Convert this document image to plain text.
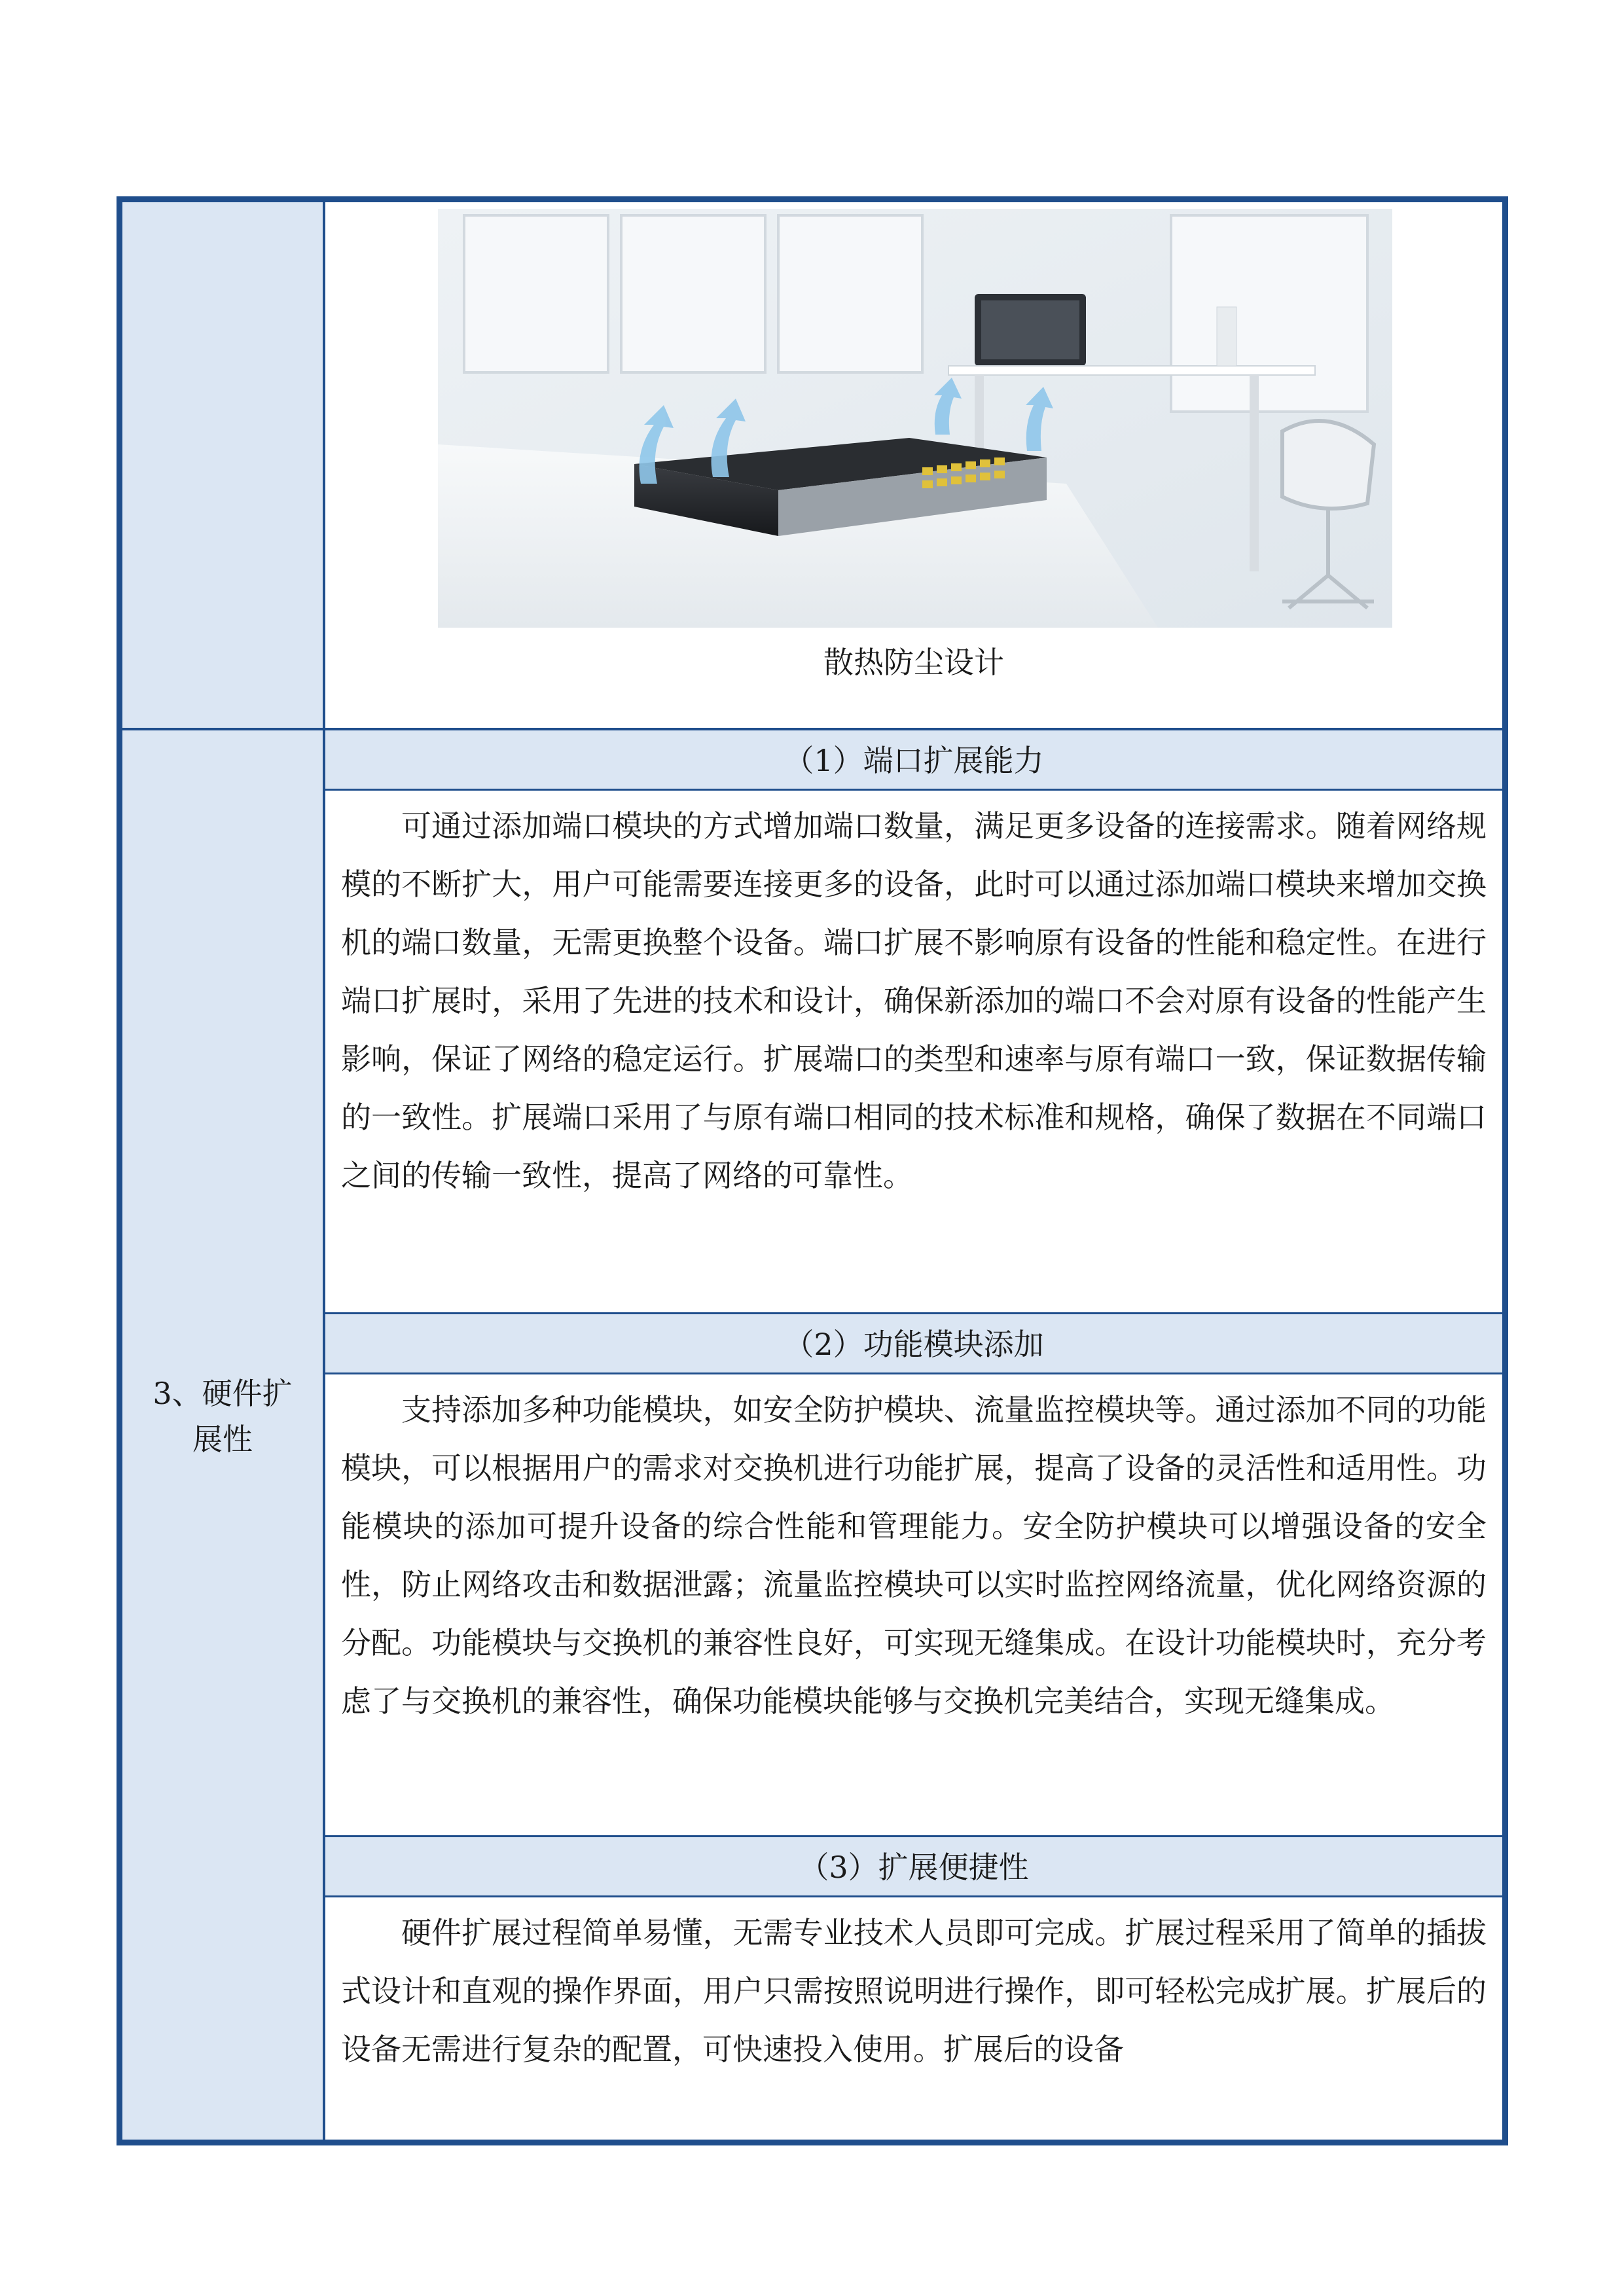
散热防尘设计
3、硬件扩展性
（1）端口扩展能力
可通过添加端口模块的方式增加端口数量，满足更多设备的连接需求。随着网络规模的不断扩大，用户可能需要连接更多的设备，此时可以通过添加端口模块来增加交换机的端口数量，无需更换整个设备。端口扩展不影响原有设备的性能和稳定性。在进行端口扩展时，采用了先进的技术和设计，确保新添加的端口不会对原有设备的性能产生影响，保证了网络的稳定运行。扩展端口的类型和速率与原有端口一致，保证数据传输的一致性。扩展端口采用了与原有端口相同的技术标准和规格，确保了数据在不同端口之间的传输一致性，提高了网络的可靠性。
（2）功能模块添加
支持添加多种功能模块，如安全防护模块、流量监控模块等。通过添加不同的功能模块，可以根据用户的需求对交换机进行功能扩展，提高了设备的灵活性和适用性。功能模块的添加可提升设备的综合性能和管理能力。安全防护模块可以增强设备的安全性，防止网络攻击和数据泄露；流量监控模块可以实时监控网络流量，优化网络资源的分配。功能模块与交换机的兼容性良好，可实现无缝集成。在设计功能模块时，充分考虑了与交换机的兼容性，确保功能模块能够与交换机完美结合，实现无缝集成。
（3）扩展便捷性
硬件扩展过程简单易懂，无需专业技术人员即可完成。扩展过程采用了简单的插拔式设计和直观的操作界面，用户只需按照说明进行操作，即可轻松完成扩展。扩展后的设备无需进行复杂的配置，可快速投入使用。扩展后的设备
